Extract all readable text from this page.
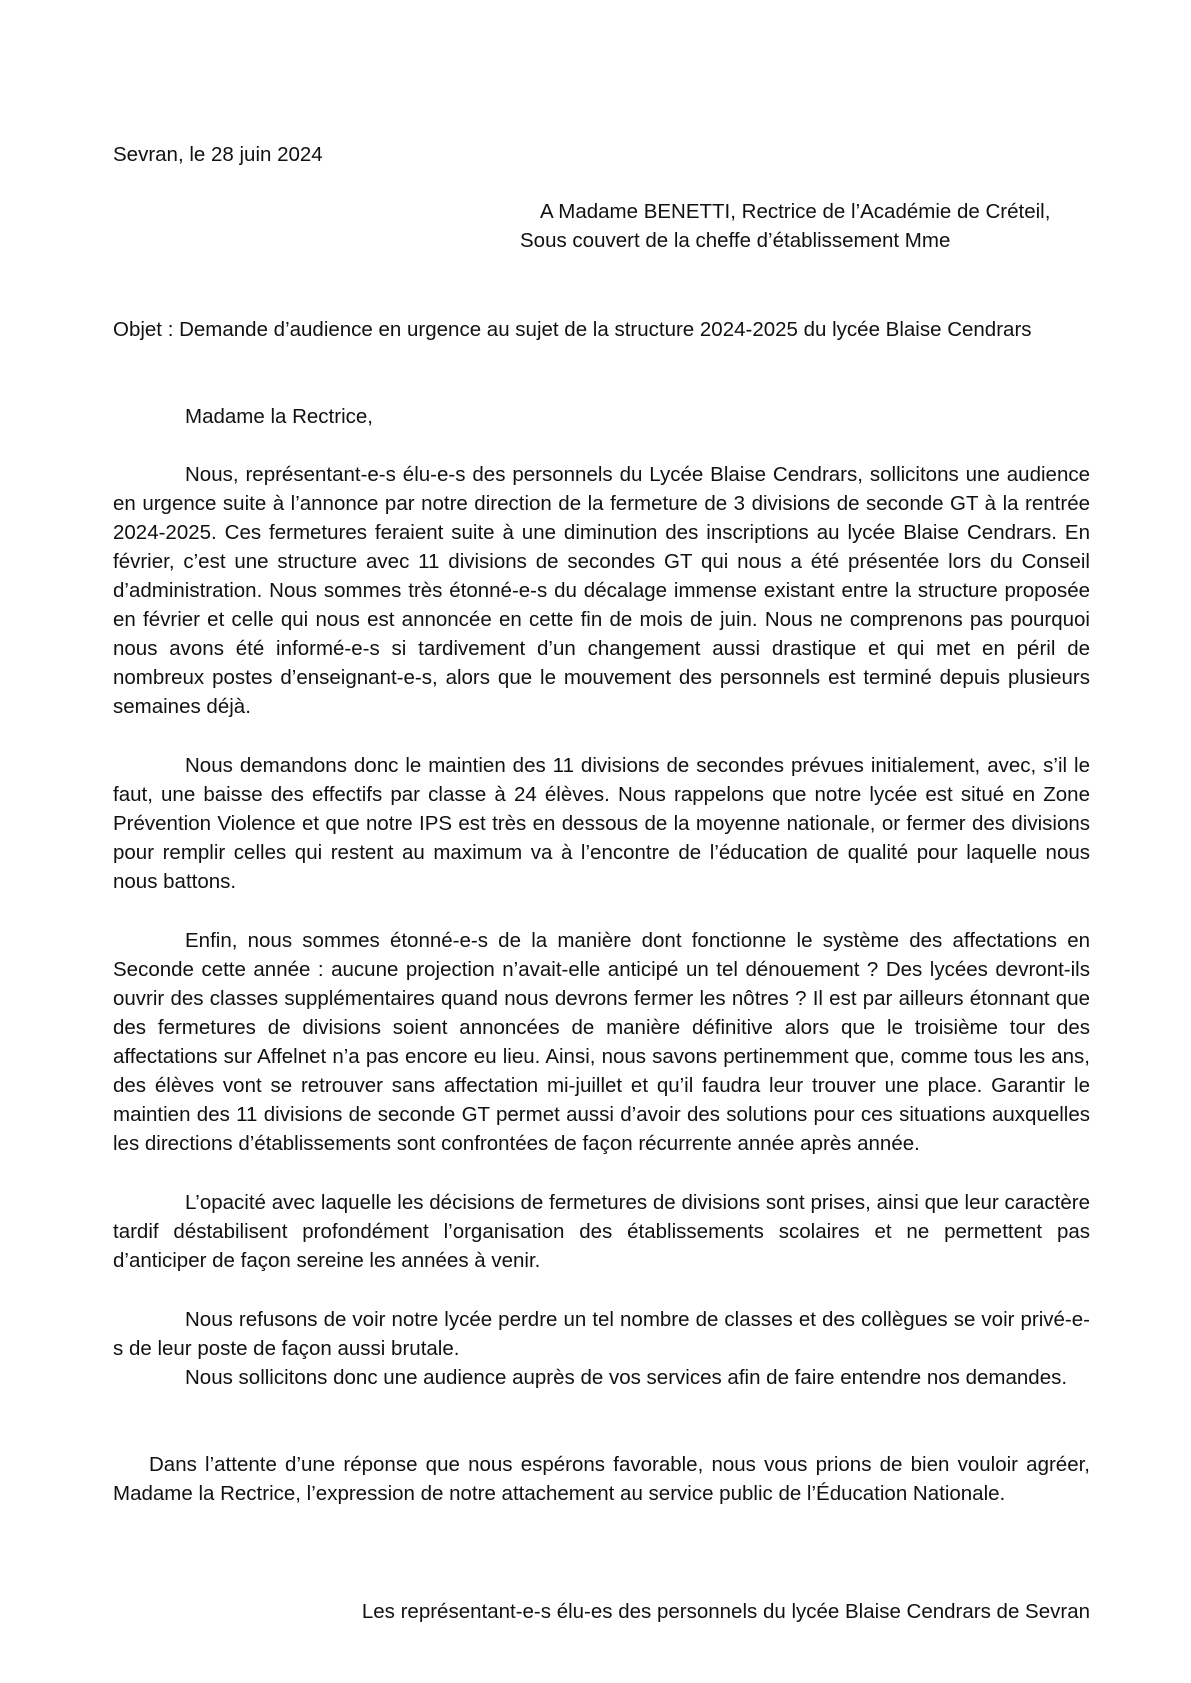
Sevran, le 28 juin 2024

A Madame BENETTI, Rectrice de l’Académie de Créteil,
Sous couvert de la cheffe d’établissement Mme

Objet : Demande d’audience en urgence au sujet de la structure 2024-2025 du lycée Blaise Cendrars

Madame la Rectrice,

Nous, représentant-e-s élu-e-s des personnels du Lycée Blaise Cendrars, sollicitons une audience en urgence suite à l’annonce par notre direction de la fermeture de 3 divisions de seconde GT à la rentrée 2024-2025. Ces fermetures feraient suite à une diminution des inscriptions au lycée Blaise Cendrars. En février, c’est une structure avec 11 divisions de secondes GT qui nous a été présentée lors du Conseil d’administration. Nous sommes très étonné-e-s du décalage immense existant entre la structure proposée en février et celle qui nous est annoncée en cette fin de mois de juin. Nous ne comprenons pas pourquoi nous avons été informé-e-s si tardivement d’un changement aussi drastique et qui met en péril de nombreux postes d’enseignant-e-s, alors que le mouvement des personnels est terminé depuis plusieurs semaines déjà.

Nous demandons donc le maintien des 11 divisions de secondes prévues initialement, avec, s’il le faut, une baisse des effectifs par classe à 24 élèves. Nous rappelons que notre lycée est situé en Zone Prévention Violence et que notre IPS est très en dessous de la moyenne nationale, or fermer des divisions pour remplir celles qui restent au maximum va à l’encontre de l’éducation de qualité pour laquelle nous nous battons.

Enfin, nous sommes étonné-e-s de la manière dont fonctionne le système des affectations en Seconde cette année : aucune projection n’avait-elle anticipé un tel dénouement ? Des lycées devront-ils ouvrir des classes supplémentaires quand nous devrons fermer les nôtres ? Il est par ailleurs étonnant que des fermetures de divisions soient annoncées de manière définitive alors que le troisième tour des affectations sur Affelnet n’a pas encore eu lieu. Ainsi, nous savons pertinemment que, comme tous les ans, des élèves vont se retrouver sans affectation mi-juillet et qu’il faudra leur trouver une place. Garantir le maintien des 11 divisions de seconde GT permet aussi d’avoir des solutions pour ces situations auxquelles les directions d’établissements sont confrontées de façon récurrente année après année.

L’opacité avec laquelle les décisions de fermetures de divisions sont prises, ainsi que leur caractère tardif déstabilisent profondément l’organisation des établissements scolaires et ne permettent pas d’anticiper de façon sereine les années à venir.

Nous refusons de voir notre lycée perdre un tel nombre de classes et des collègues se voir privé-e-s de leur poste de façon aussi brutale.

Nous sollicitons donc une audience auprès de vos services afin de faire entendre nos demandes.

Dans l’attente d’une réponse que nous espérons favorable, nous vous prions de bien vouloir agréer, Madame la Rectrice, l’expression de notre attachement au service public de l’Éducation Nationale.

Les représentant-e-s élu-es des personnels du lycée Blaise Cendrars de Sevran
